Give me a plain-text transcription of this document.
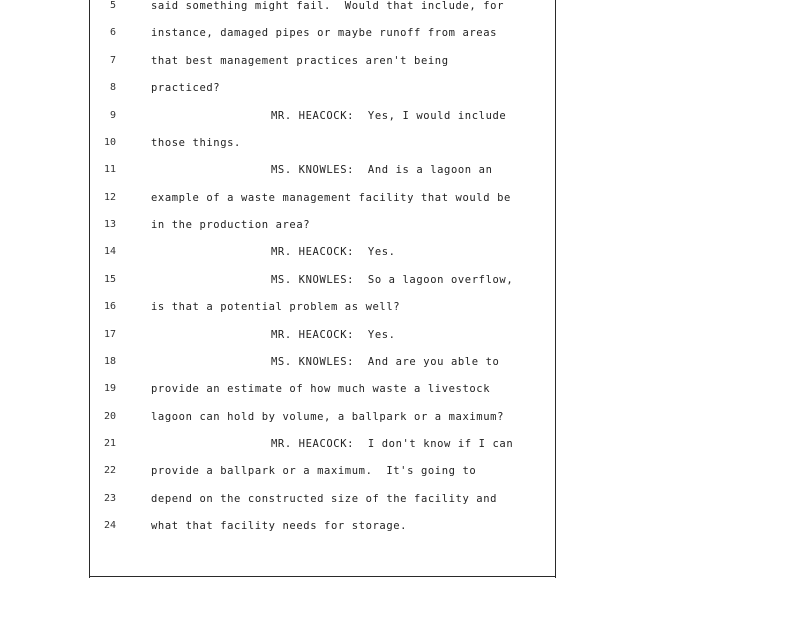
5	said something might fail.  Would that include, for
6	instance, damaged pipes or maybe runoff from areas
7	that best management practices aren't being
8	practiced?
9	MR. HEACOCK: Yes, I would include
10	those things.
11	MS. KNOWLES: And is a lagoon an
12	example of a waste management facility that would be
13	in the production area?
14	MR. HEACOCK: Yes.
15	MS. KNOWLES: So a lagoon overflow,
16	is that a potential problem as well?
17	MR. HEACOCK: Yes.
18	MS. KNOWLES: And are you able to
19	provide an estimate of how much waste a livestock
20	lagoon can hold by volume, a ballpark or a maximum?
21	MR. HEACOCK: I don't know if I can
22	provide a ballpark or a maximum.  It's going to
23	depend on the constructed size of the facility and
24	what that facility needs for storage.
